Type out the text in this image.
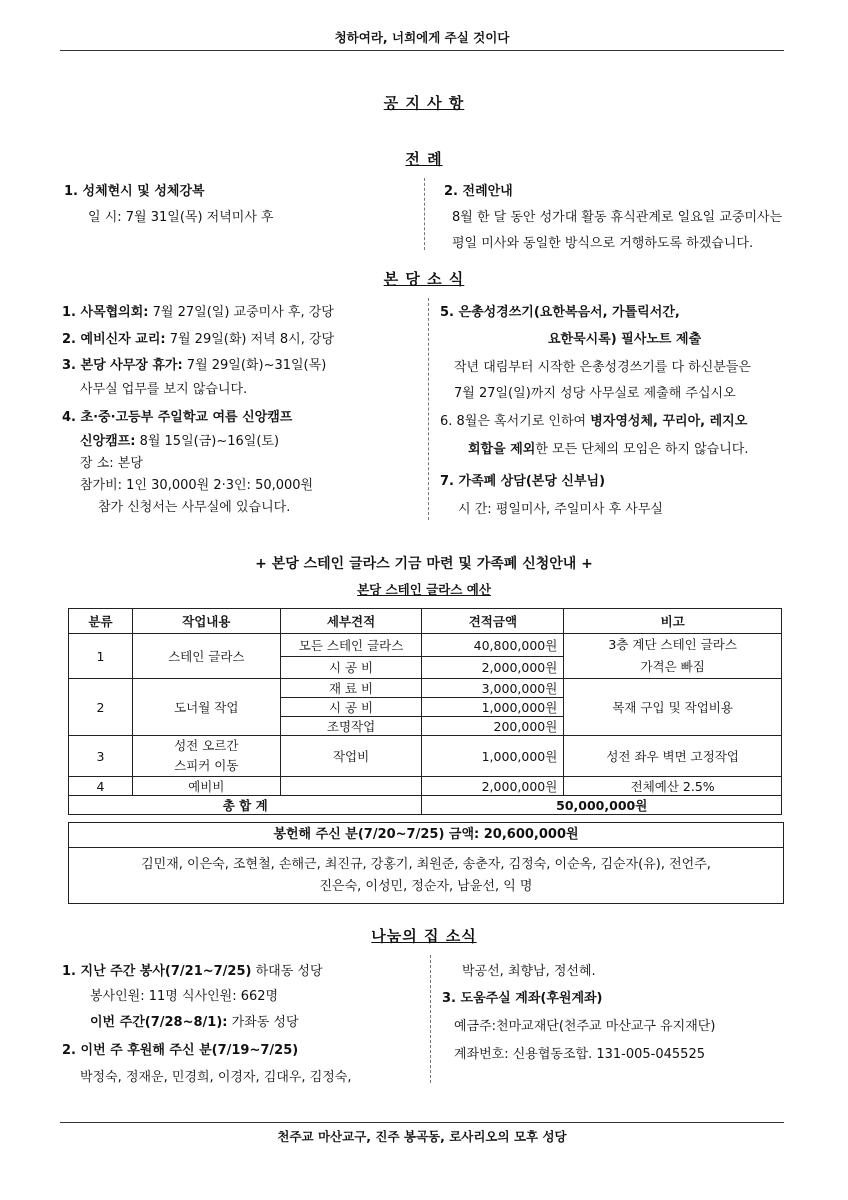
청하여라, 너희에게 주실 것이다
공 지 사 항
전 례
1. 성체현시 및 성체강복
일 시: 7월 31일(목) 저녁미사 후
2. 전례안내
8월 한 달 동안 성가대 활동 휴식관계로 일요일 교중미사는
평일 미사와 동일한 방식으로 거행하도록 하겠습니다.
본 당 소 식
1. 사목협의회: 7월 27일(일) 교중미사 후, 강당
2. 예비신자 교리: 7월 29일(화) 저녁 8시, 강당
3. 본당 사무장 휴가: 7월 29일(화)~31일(목)
사무실 업무를 보지 않습니다.
4. 초·중·고등부 주일학교 여름 신앙캠프
신앙캠프: 8월 15일(금)~16일(토)
장 소: 본당
참가비: 1인 30,000원 2·3인: 50,000원
참가 신청서는 사무실에 있습니다.
5. 은총성경쓰기(요한복음서, 가톨릭서간,
요한묵시록) 필사노트 제출
작년 대림부터 시작한 은총성경쓰기를 다 하신분들은
7월 27일(일)까지 성당 사무실로 제출해 주십시오
6. 8월은 혹서기로 인하여 병자영성체, 꾸리아, 레지오
회합을 제외한 모든 단체의 모임은 하지 않습니다.
7. 가족폐 상담(본당 신부님)
시 간: 평일미사, 주일미사 후 사무실
+ 본당 스테인 글라스 기금 마련 및 가족폐 신청안내 +
본당 스테인 글라스 예산
분류	작업내용	세부견적	견적금액	비고
1	스테인 글라스	모든 스테인 글라스	40,800,000원	3층 계단 스테인 글라스
가격은 빠짐
		시 공 비	2,000,000원	
2	도너월 작업	재 료 비	3,000,000원	목재 구입 및 작업비용
		시 공 비	1,000,000원	
		조명작업	200,000원	
3	성전 오르간
스피커 이동	작업비	1,000,000원	성전 좌우 벽면 고정작업
4	예비비		2,000,000원	전체예산 2.5%
총 합 계			50,000,000원	
봉헌해 주신 분(7/20~7/25) 금액: 20,600,000원
김민재, 이은숙, 조현철, 손해근, 최진규, 강홍기, 최원준, 송춘자, 김정숙, 이순옥, 김순자(유), 전언주,
진은숙, 이성민, 정순자, 남윤선, 익 명
나눔의 집 소식
1. 지난 주간 봉사(7/21~7/25) 하대동 성당
봉사인원: 11명 식사인원: 662명
이번 주간(7/28~8/1): 가좌동 성당
2. 이번 주 후원해 주신 분(7/19~7/25)
박정숙, 정재운, 민경희, 이경자, 김대우, 김정숙,
박공선, 최향남, 정선혜.
3. 도움주실 계좌(후원계좌)
예금주:천마교재단(천주교 마산교구 유지재단)
계좌번호: 신용협동조합. 131-005-045525
천주교 마산교구, 진주 봉곡동, 로사리오의 모후 성당
